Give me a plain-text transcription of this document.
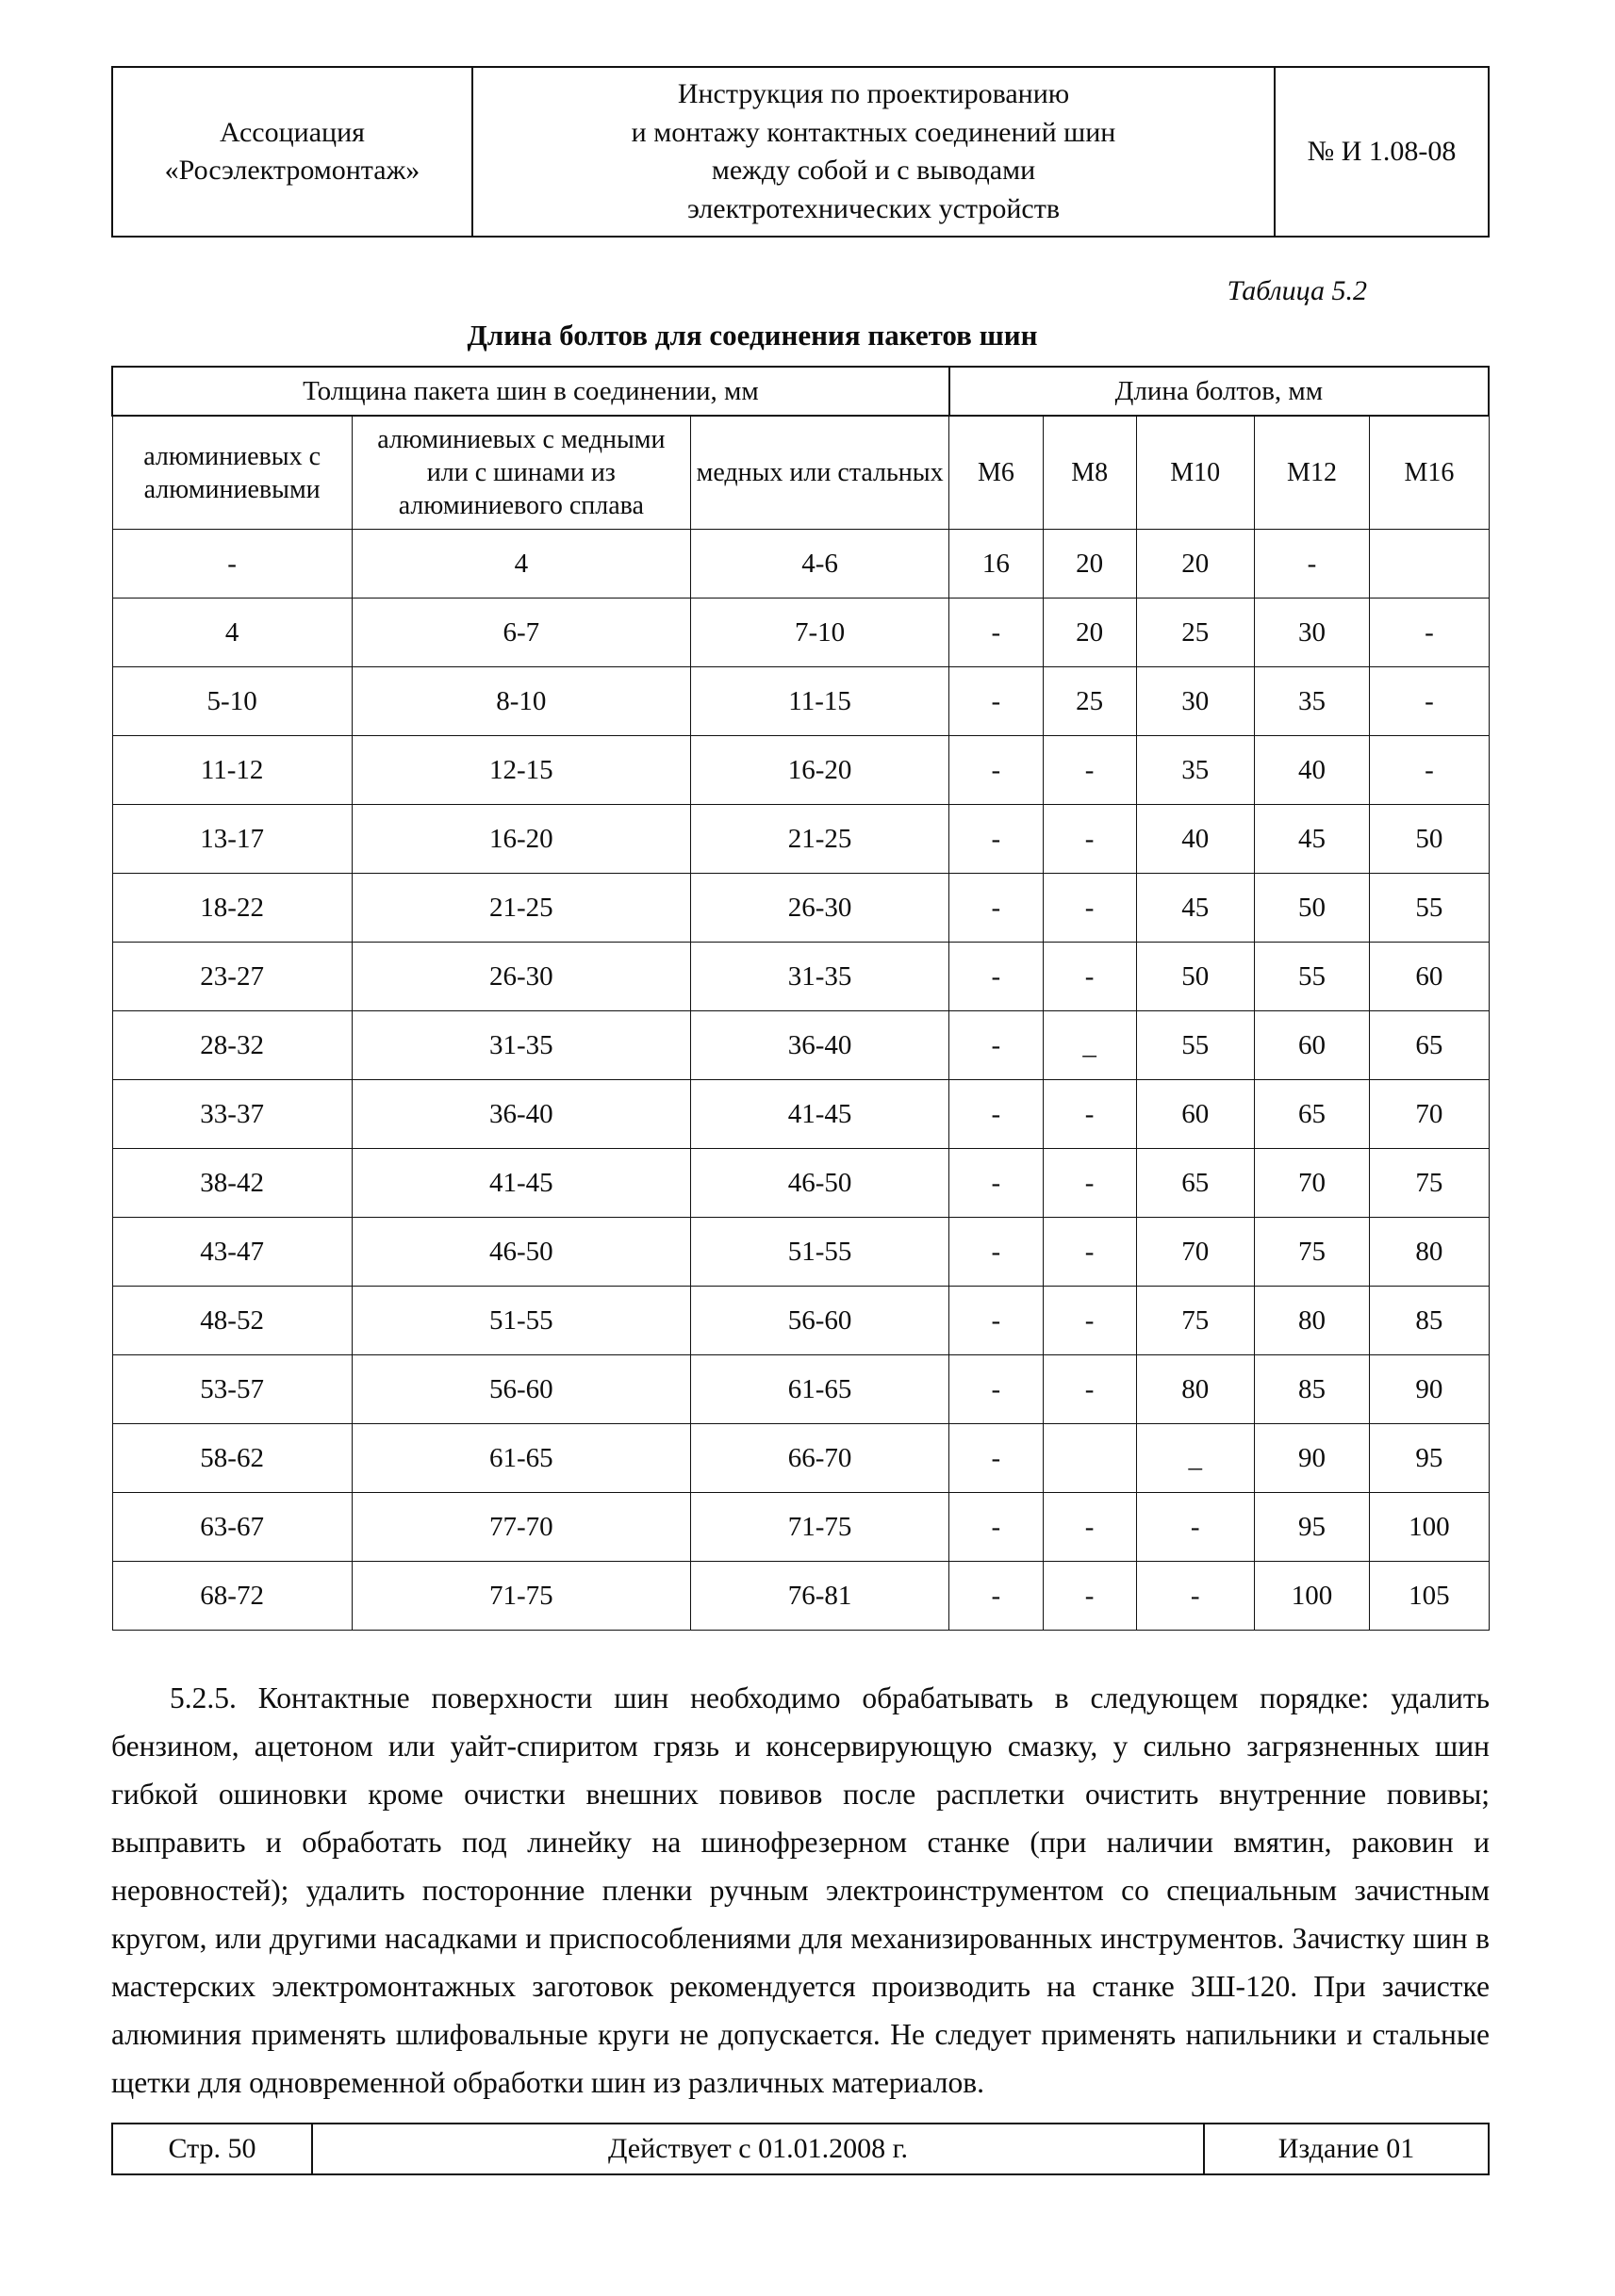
Ассоциация
«Росэлектромонтаж»
Инструкция по проектированию
и монтажу контактных соединений шин
между собой и с выводами
электротехнических устройств
№ И 1.08-08
Таблица 5.2
Длина болтов для соединения пакетов шин
Толщина пакета шин в соединении, мм			Длина болтов, мм				
алюминиевых с алюминиевыми	алюминиевых с медными или с шинами из алюминиевого сплава	медных или стальных	М6	М8	М10	М12	М16
-	4	4-6	16	20	20	-	
4	6-7	7-10	-	20	25	30	-
5-10	8-10	11-15	-	25	30	35	-
11-12	12-15	16-20	-	-	35	40	-
13-17	16-20	21-25	-	-	40	45	50
18-22	21-25	26-30	-	-	45	50	55
23-27	26-30	31-35	-	-	50	55	60
28-32	31-35	36-40	-	_	55	60	65
33-37	36-40	41-45	-	-	60	65	70
38-42	41-45	46-50	-	-	65	70	75
43-47	46-50	51-55	-	-	70	75	80
48-52	51-55	56-60	-	-	75	80	85
53-57	56-60	61-65	-	-	80	85	90
58-62	61-65	66-70	-		_	90	95
63-67	77-70	71-75	-	-	-	95	100
68-72	71-75	76-81	-	-	-	100	105

5.2.5. Контактные поверхности шин необходимо обрабатывать в следующем порядке: удалить бензином, ацетоном или уайт-спиритом грязь и консервирующую смазку, у сильно загрязненных шин гибкой ошиновки кроме очистки внешних повивов после расплетки очистить внутренние повивы; выправить и обработать под линейку на шинофрезерном станке (при наличии вмятин, раковин и неровностей); удалить посторонние пленки ручным электроинструментом со специальным зачистным кругом, или другими насадками и приспособлениями для механизированных инструментов. Зачистку шин в мастерских электромонтажных заготовок рекомендуется производить на станке ЗШ-120. При зачистке алюминия применять шлифовальные круги не допускается. Не следует применять напильники и стальные щетки для одновременной обработки шин из различных материалов.

Стр. 50	Действует с 01.01.2008 г.	Издание 01
